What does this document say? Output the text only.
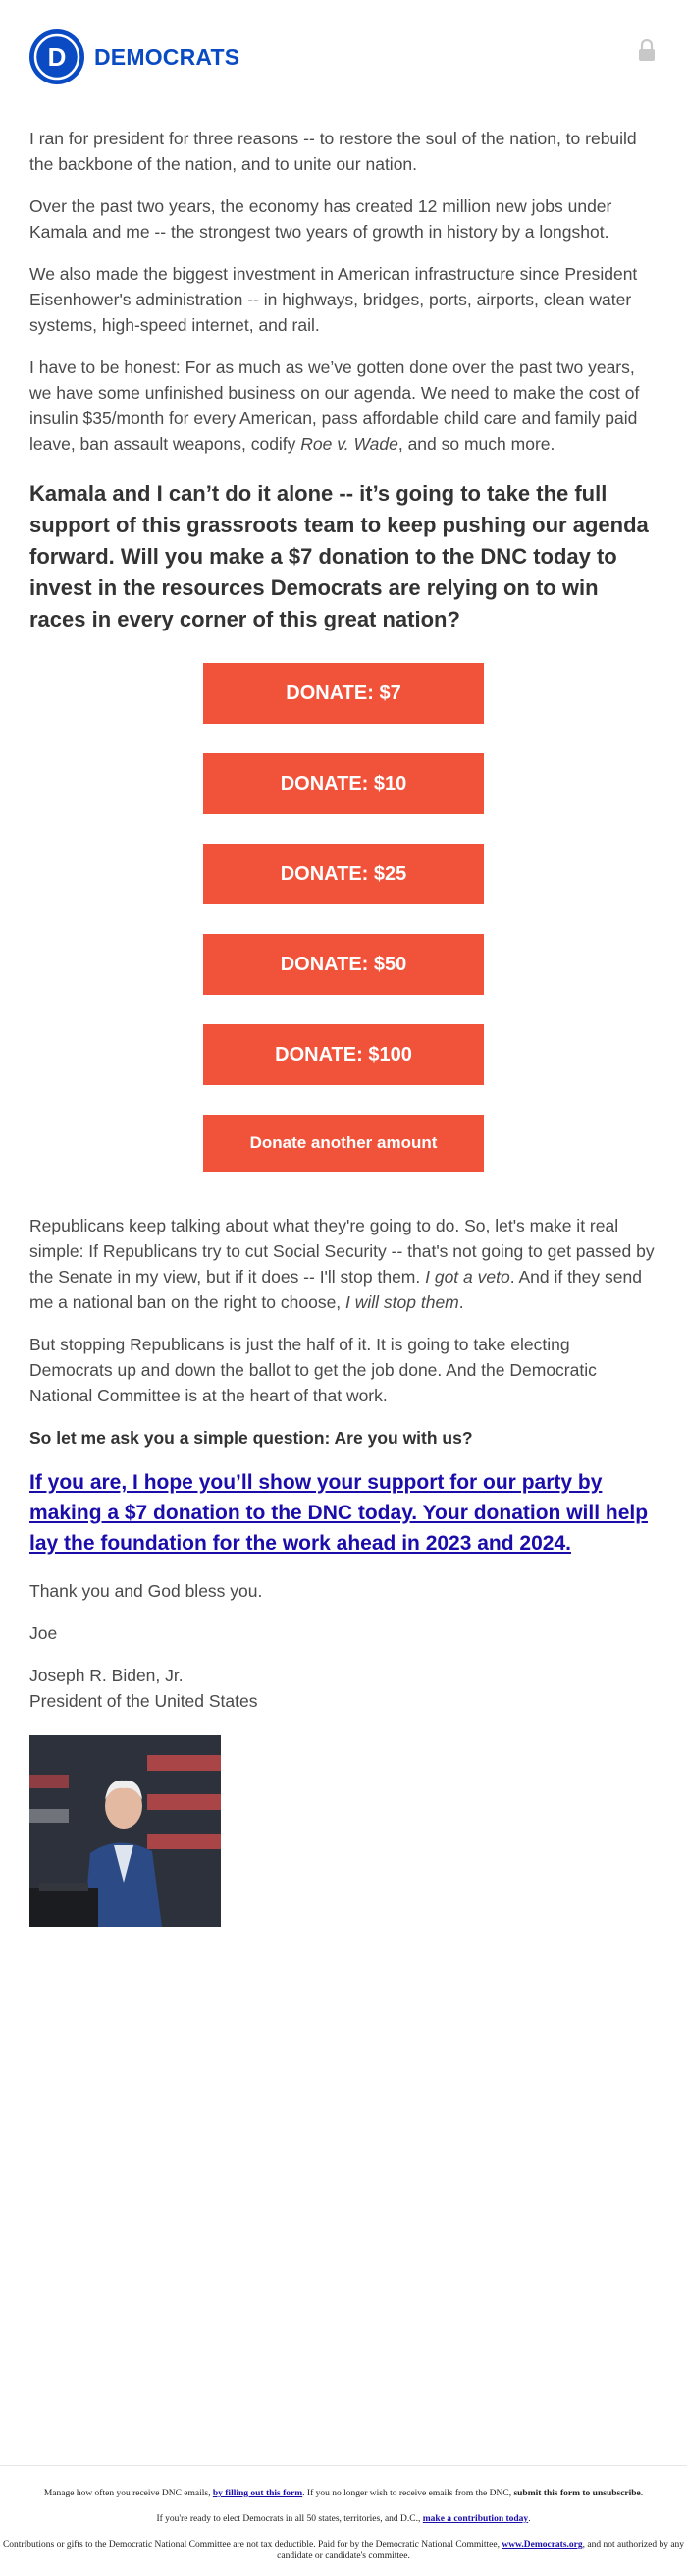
D DEMOCRATS

I ran for president for three reasons -- to restore the soul of the nation, to rebuild the backbone of the nation, and to unite our nation.

Over the past two years, the economy has created 12 million new jobs under Kamala and me -- the strongest two years of growth in history by a longshot.

We also made the biggest investment in American infrastructure since President Eisenhower's administration -- in highways, bridges, ports, airports, clean water systems, high-speed internet, and rail.

I have to be honest: For as much as we’ve gotten done over the past two years, we have some unfinished business on our agenda. We need to make the cost of insulin $35/month for every American, pass affordable child care and family paid leave, ban assault weapons, codify Roe v. Wade, and so much more.

Kamala and I can’t do it alone -- it’s going to take the full support of this grassroots team to keep pushing our agenda forward. Will you make a $7 donation to the DNC today to invest in the resources Democrats are relying on to win races in every corner of this great nation?
DONATE: $7
DONATE: $10
DONATE: $25
DONATE: $50
DONATE: $100
Donate another amount

Republicans keep talking about what they're going to do. So, let's make it real simple: If Republicans try to cut Social Security -- that's not going to get passed by the Senate in my view, but if it does -- I'll stop them. I got a veto. And if they send me a national ban on the right to choose, I will stop them.

But stopping Republicans is just the half of it. It is going to take electing Democrats up and down the ballot to get the job done. And the Democratic National Committee is at the heart of that work.

So let me ask you a simple question: Are you with us?

If you are, I hope you’ll show your support for our party by making a $7 donation to the DNC today. Your donation will help lay the foundation for the work ahead in 2023 and 2024.

Thank you and God bless you.

Joe

Joseph R. Biden, Jr.

President of the United States

Manage how often you receive DNC emails, by filling out this form. If you no longer wish to receive emails from the DNC, submit this form to unsubscribe.

If you're ready to elect Democrats in all 50 states, territories, and D.C., make a contribution today.

Contributions or gifts to the Democratic National Committee are not tax deductible. Paid for by the Democratic National Committee, www.Democrats.org, and not authorized by any candidate or candidate's committee.
